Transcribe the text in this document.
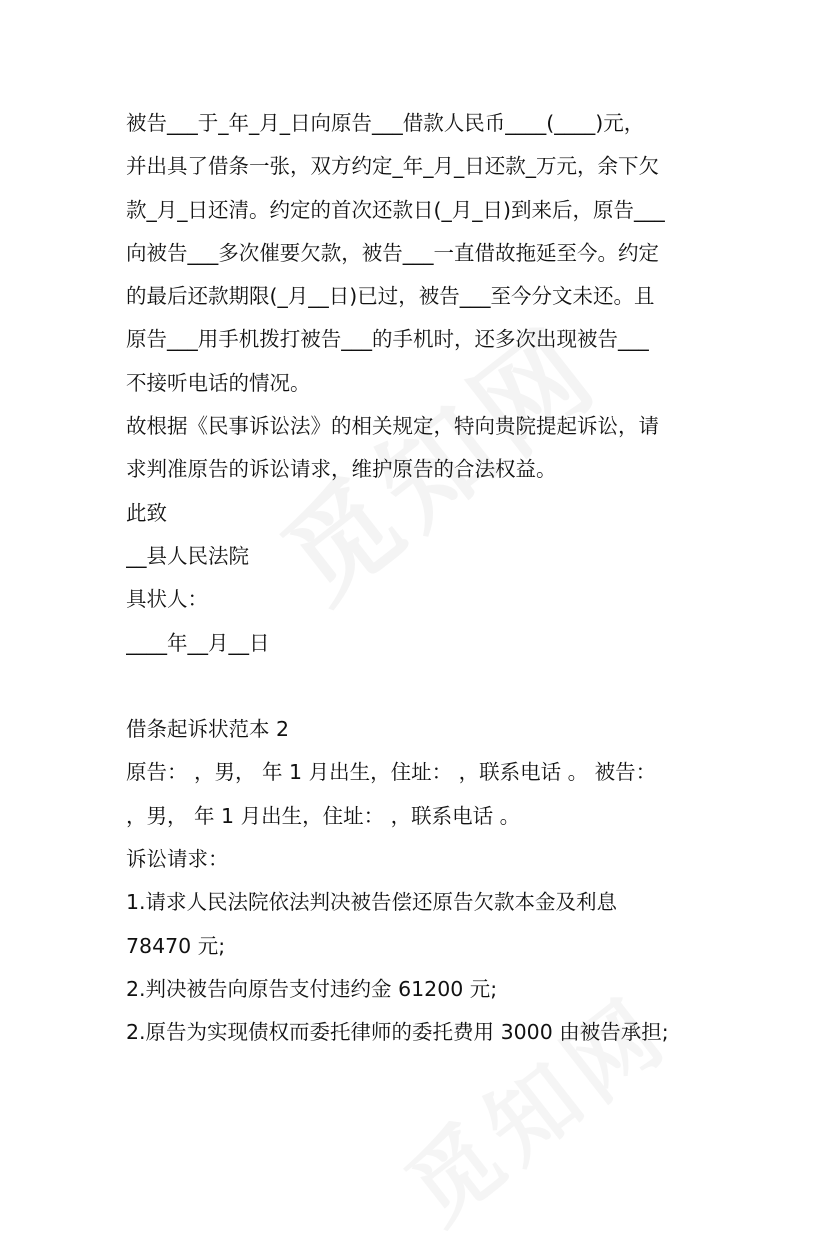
被告___于_年_月_日向原告___借款人民币____(____)元，
并出具了借条一张，双方约定_年_月_日还款_万元，余下欠
款_月_日还清。约定的首次还款日(_月_日)到来后，原告___
向被告___多次催要欠款，被告___一直借故拖延至今。约定
的最后还款期限(_月__日)已过，被告___至今分文未还。且
原告___用手机拨打被告___的手机时，还多次出现被告___
不接听电话的情况。
故根据《民事诉讼法》的相关规定，特向贵院提起诉讼，请
求判准原告的诉讼请求，维护原告的合法权益。
此致
__县人民法院
具状人：
____年__月__日
借条起诉状范本 2
原告： ，男， 年 1 月出生，住址： ，联系电话 。 被告：
，男， 年 1 月出生，住址： ，联系电话 。
诉讼请求：
1.请求人民法院依法判决被告偿还原告欠款本金及利息
78470 元;
2.判决被告向原告支付违约金 61200 元;
2.原告为实现债权而委托律师的委托费用 3000 由被告承担;
